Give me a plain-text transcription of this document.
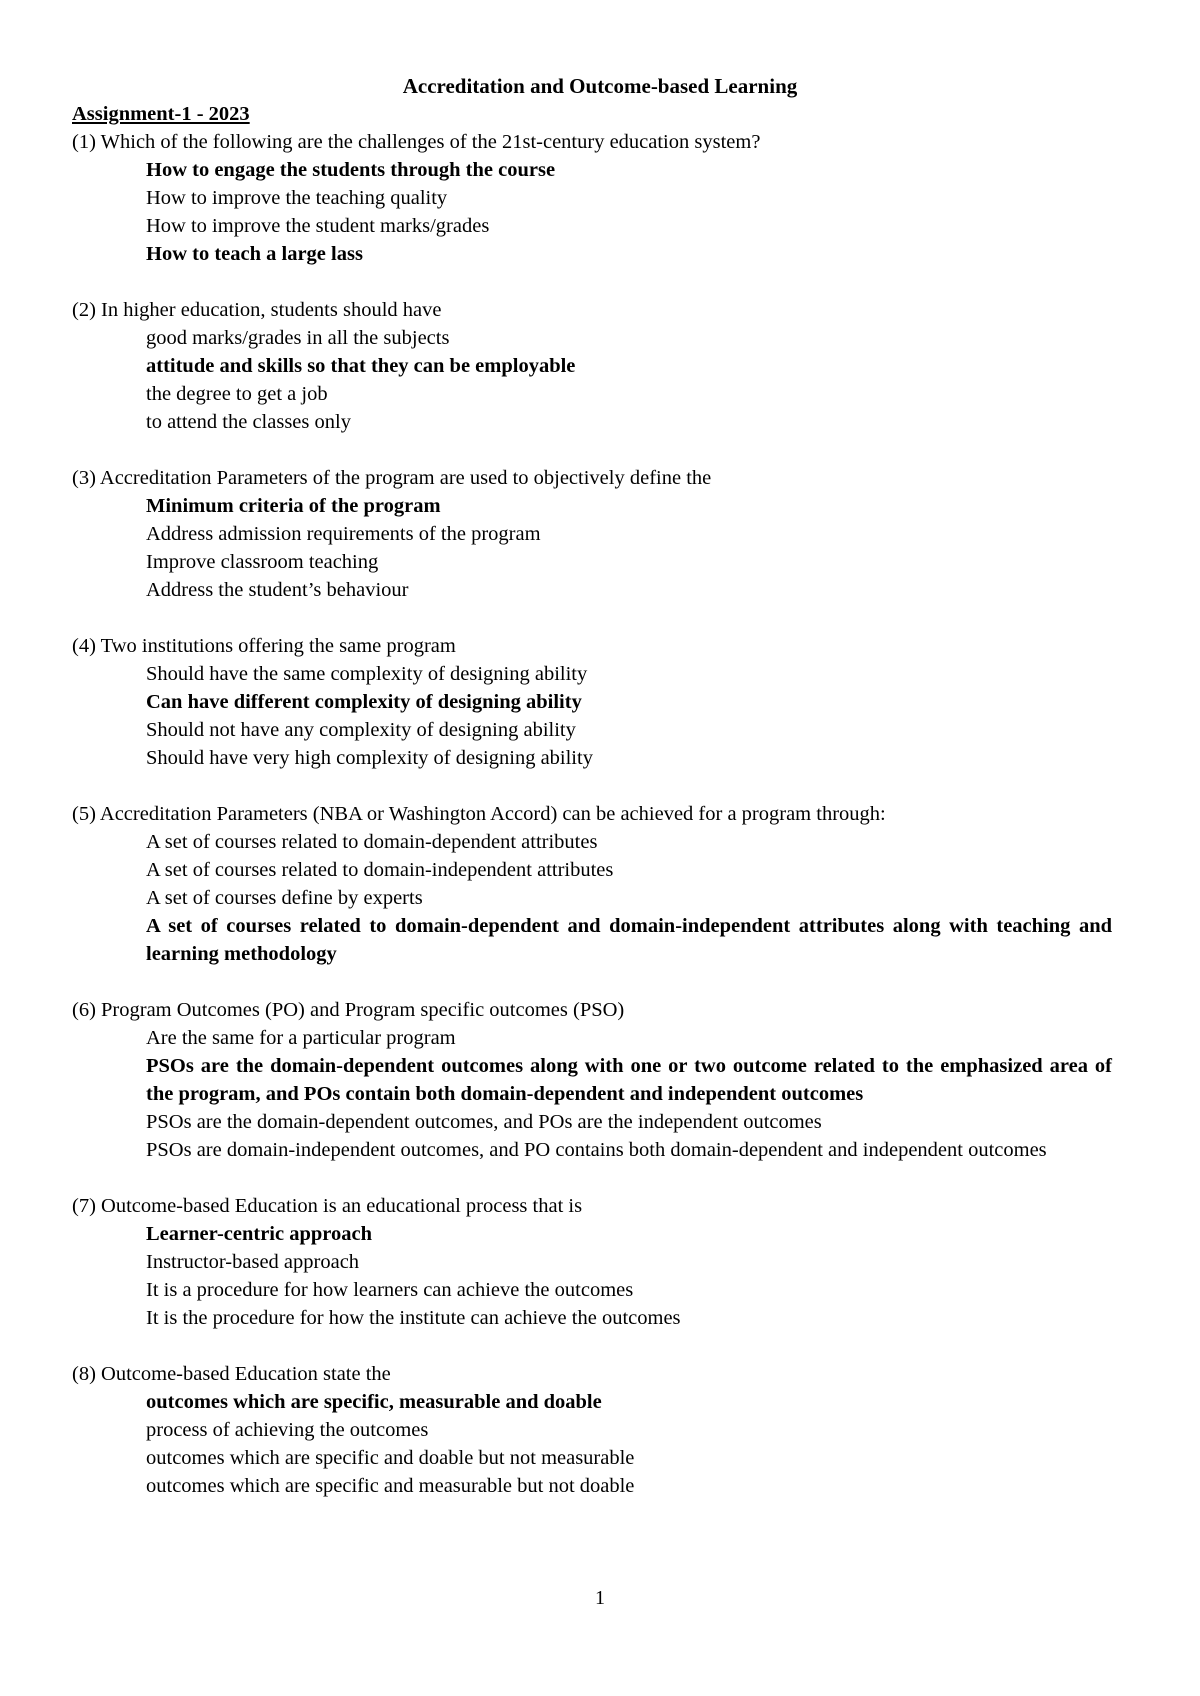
Accreditation and Outcome-based Learning
Assignment-1 - 2023
(1) Which of the following are the challenges of the 21st-century education system?
How to engage the students through the course
How to improve the teaching quality
How to improve the student marks/grades
How to teach a large lass
(2) In higher education, students should have
good marks/grades in all the subjects
attitude and skills so that they can be employable
the degree to get a job
to attend the classes only
(3) Accreditation Parameters of the program are used to objectively define the
Minimum criteria of the program
Address admission requirements of the program
Improve classroom teaching
Address the student’s behaviour
(4) Two institutions offering the same program
Should have the same complexity of designing ability
Can have different complexity of designing ability
Should not have any complexity of designing ability
Should have very high complexity of designing ability
(5) Accreditation Parameters (NBA or Washington Accord) can be achieved for a program through:
A set of courses related to domain-dependent attributes
A set of courses related to domain-independent attributes
A set of courses define by experts
A set of courses related to domain-dependent and domain-independent attributes along with teaching and learning methodology
(6) Program Outcomes (PO) and Program specific outcomes (PSO)
Are the same for a particular program
PSOs are the domain-dependent outcomes along with one or two outcome related to the emphasized area of the program, and POs contain both domain-dependent and independent outcomes
PSOs are the domain-dependent outcomes, and POs are the independent outcomes
PSOs are domain-independent outcomes, and PO contains both domain-dependent and independent outcomes
(7) Outcome-based Education is an educational process that is
Learner-centric approach
Instructor-based approach
It is a procedure for how learners can achieve the outcomes
It is the procedure for how the institute can achieve the outcomes
(8) Outcome-based Education state the
outcomes which are specific, measurable and doable
process of achieving the outcomes
outcomes which are specific and doable but not measurable
outcomes which are specific and measurable but not doable
1
